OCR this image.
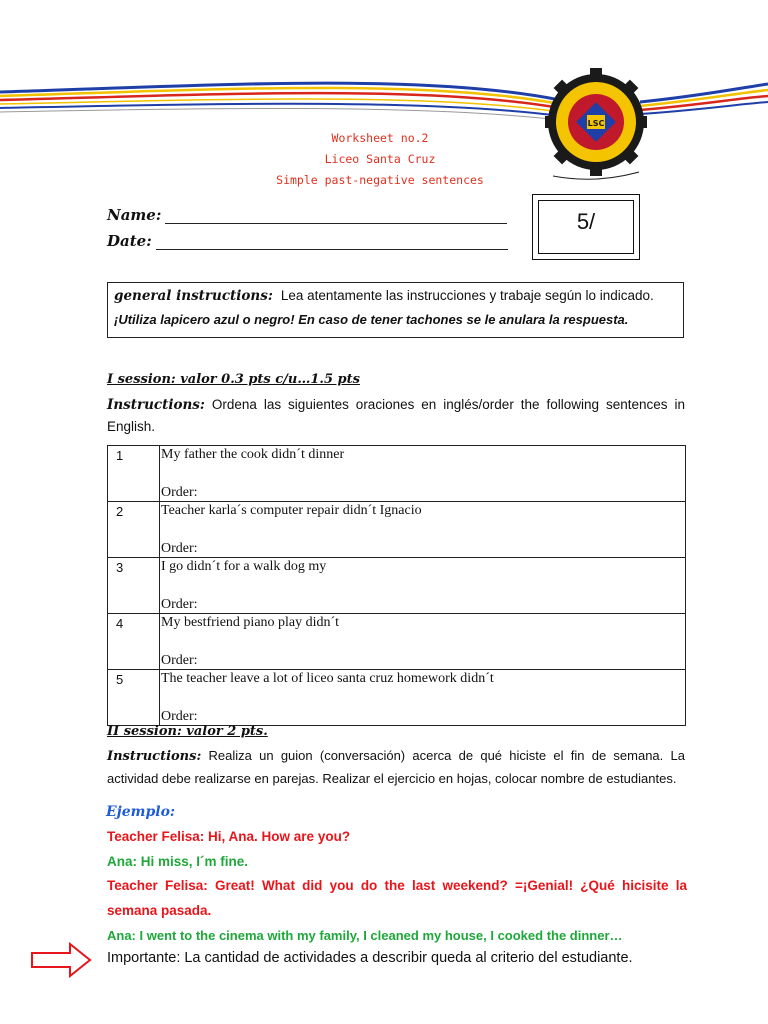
LSC
Worksheet no.2
Liceo Santa Cruz
Simple past-negative sentences
Name:
Date:
5/
general instructions: Lea atentamente las instrucciones y trabaje según lo indicado.
¡Utiliza lapicero azul o negro! En caso de tener tachones se le anulara la respuesta.
I session: valor 0.3 pts c/u…1.5 pts
Instructions: Ordena las siguientes oraciones en inglés/order the following sentences in English.
1	My father the cook didn´t dinner
Order:

2	Teacher karla´s computer repair didn´t Ignacio
Order:

3	I go didn´t for a walk dog my
Order:

4	My bestfriend piano play didn´t
Order:

5	The teacher leave a lot of liceo santa cruz homework didn´t
Order:
II session: valor 2 pts.
Instructions: Realiza un guion (conversación) acerca de qué hiciste el fin de semana. La actividad debe realizarse en parejas. Realizar el ejercicio en hojas, colocar nombre de estudiantes.
Ejemplo:
Teacher Felisa: Hi, Ana. How are you?
Ana: Hi miss, I´m fine.
Teacher Felisa: Great! What did you do the last weekend? =¡Genial! ¿Qué hicisite la semana pasada.
Ana: I went to the cinema with my family, I cleaned my house, I cooked the dinner…
Importante: La cantidad de actividades a describir queda al criterio del estudiante.
